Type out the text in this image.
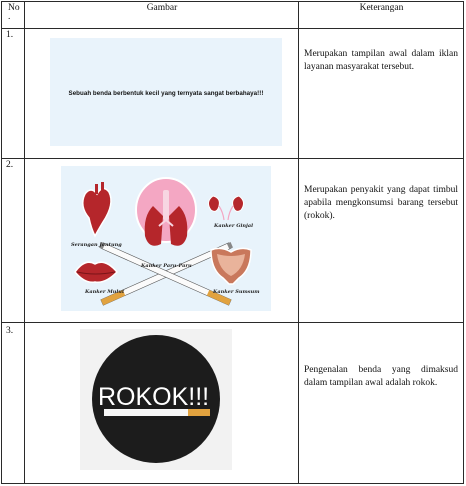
No
.
Gambar	Keterangan
1.
Sebuah benda berbentuk kecil yang ternyata sangat berbahaya!!!
Merupakan tampilan awal dalam iklan layanan masyarakat tersebut.
2.
Serangan Jantung
Kanker Paru-Paru
Kanker Ginjal
Kanker Mulut	Kanker Sumsum
Merupakan penyakit yang dapat timbul apabila mengkonsumsi barang tersebut (rokok).
3.
ROKOK!!!
Pengenalan benda yang dimaksud dalam tampilan awal adalah rokok.
